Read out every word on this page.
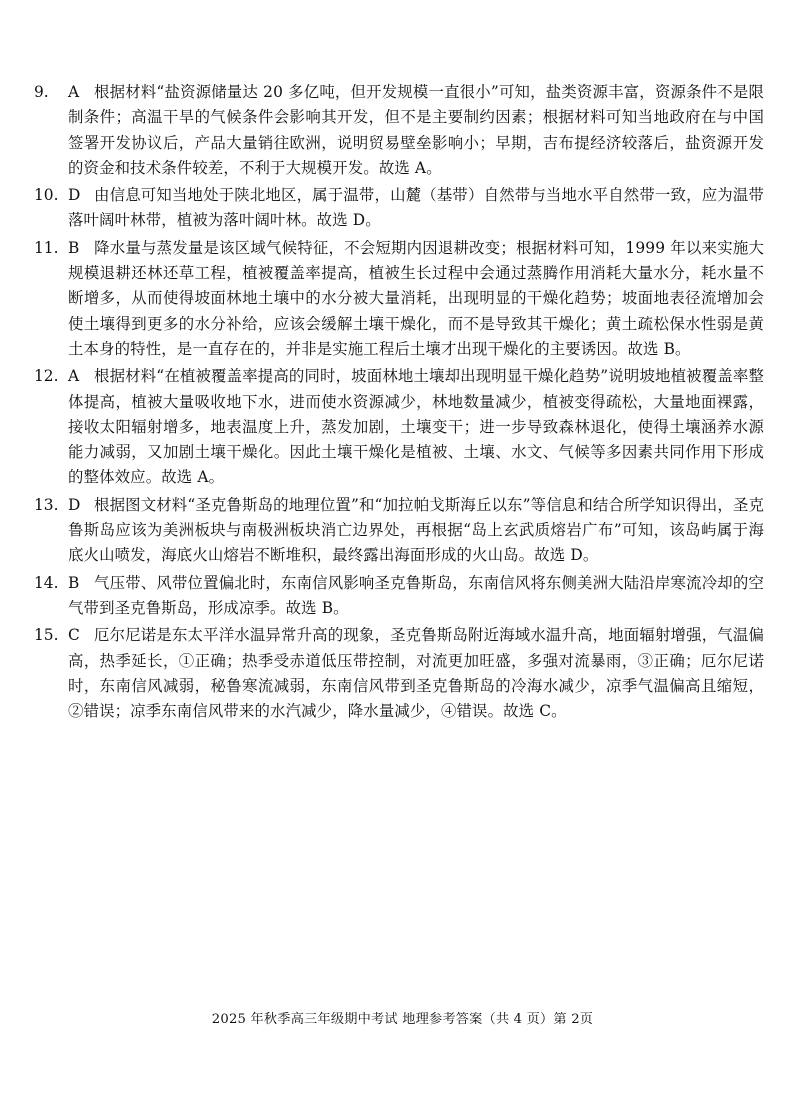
9. A 根据材料“盐资源储量达 20 多亿吨，但开发规模一直很小”可知，盐类资源丰富，资源条件不是限制条件；高温干旱的气候条件会影响其开发，但不是主要制约因素；根据材料可知当地政府在与中国签署开发协议后，产品大量销往欧洲，说明贸易壁垒影响小；早期，吉布提经济较落后，盐资源开发的资金和技术条件较差，不利于大规模开发。故选 A。
10. D 由信息可知当地处于陕北地区，属于温带，山麓（基带）自然带与当地水平自然带一致，应为温带落叶阔叶林带，植被为落叶阔叶林。故选 D。
11. B 降水量与蒸发量是该区域气候特征，不会短期内因退耕改变；根据材料可知，1999 年以来实施大规模退耕还林还草工程，植被覆盖率提高，植被生长过程中会通过蒸腾作用消耗大量水分，耗水量不断增多，从而使得坡面林地土壤中的水分被大量消耗，出现明显的干燥化趋势；坡面地表径流增加会使土壤得到更多的水分补给，应该会缓解土壤干燥化，而不是导致其干燥化；黄土疏松保水性弱是黄土本身的特性，是一直存在的，并非是实施工程后土壤才出现干燥化的主要诱因。故选 B。
12. A 根据材料“在植被覆盖率提高的同时，坡面林地土壤却出现明显干燥化趋势”说明坡地植被覆盖率整体提高，植被大量吸收地下水，进而使水资源减少，林地数量减少，植被变得疏松，大量地面裸露，接收太阳辐射增多，地表温度上升，蒸发加剧，土壤变干；进一步导致森林退化，使得土壤涵养水源能力减弱，又加剧土壤干燥化。因此土壤干燥化是植被、土壤、水文、气候等多因素共同作用下形成的整体效应。故选 A。
13. D 根据图文材料“圣克鲁斯岛的地理位置”和“加拉帕戈斯海丘以东”等信息和结合所学知识得出，圣克鲁斯岛应该为美洲板块与南极洲板块消亡边界处，再根据“岛上玄武质熔岩广布”可知，该岛屿属于海底火山喷发，海底火山熔岩不断堆积，最终露出海面形成的火山岛。故选 D。
14. B 气压带、风带位置偏北时，东南信风影响圣克鲁斯岛，东南信风将东侧美洲大陆沿岸寒流冷却的空气带到圣克鲁斯岛，形成凉季。故选 B。
15. C 厄尔尼诺是东太平洋水温异常升高的现象，圣克鲁斯岛附近海域水温升高，地面辐射增强，气温偏高，热季延长，①正确；热季受赤道低压带控制，对流更加旺盛，多强对流暴雨，③正确；厄尔尼诺时，东南信风减弱，秘鲁寒流减弱，东南信风带到圣克鲁斯岛的冷海水减少，凉季气温偏高且缩短，②错误；凉季东南信风带来的水汽减少，降水量减少，④错误。故选 C。
2025 年秋季高三年级期中考试 地理参考答案（共 4 页）第 2页
